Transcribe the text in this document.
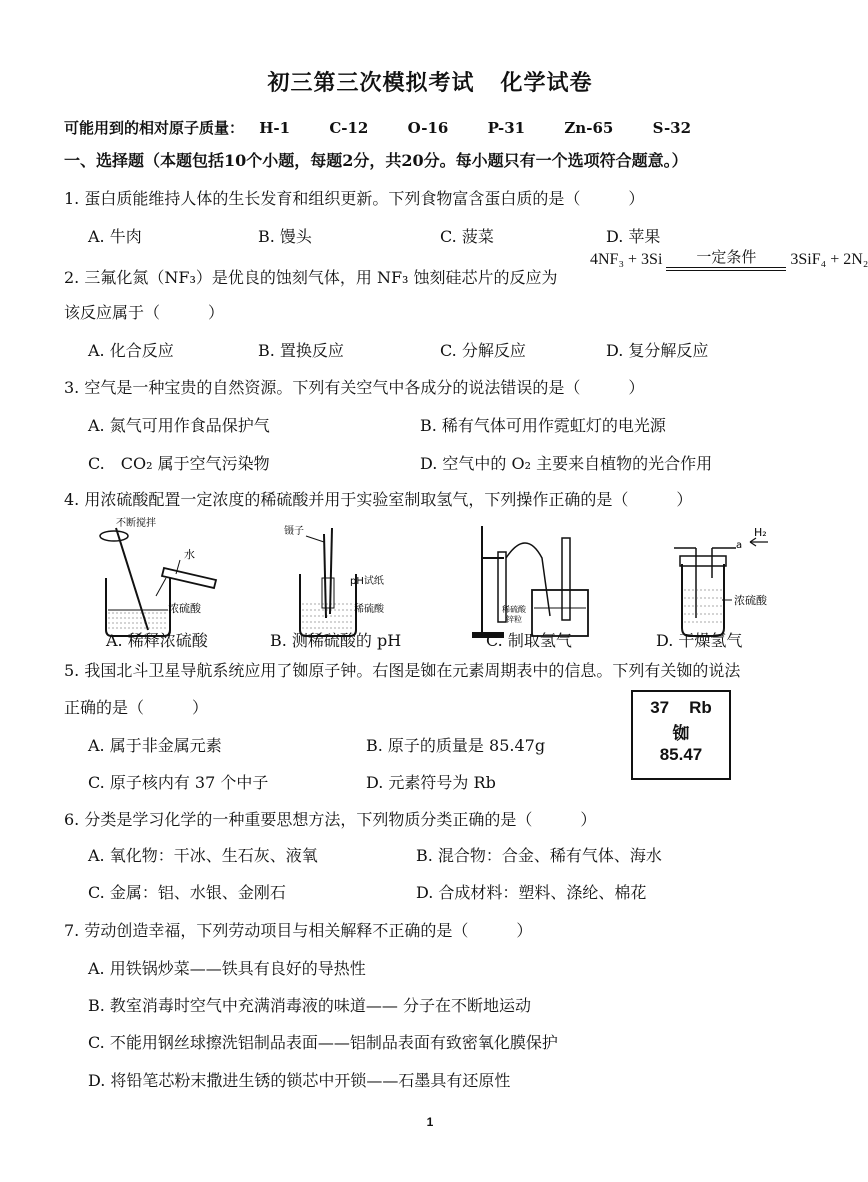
初三第三次模拟考试 化学试卷
可能用到的相对原子质量： H-1	C-12	O-16	P-31	Zn-65	S-32
一、选择题（本题包括10个小题，每题2分，共20分。每小题只有一个选项符合题意。）
1. 蛋白质能维持人体的生长发育和组织更新。下列食物富含蛋白质的是（　　　）
A. 牛肉	B. 馒头	C. 菠菜	D. 苹果
2. 三氟化氮（NF₃）是优良的蚀刻气体，用 NF₃ 蚀刻硅芯片的反应为
4NF₃ + 3Si	一定条件	3SiF₄ + 2N₂
该反应属于（　　　）
A. 化合反应	B. 置换反应	C. 分解反应	D. 复分解反应
3. 空气是一种宝贵的自然资源。下列有关空气中各成分的说法错误的是（　　　）
A. 氮气可用作食品保护气	B. 稀有气体可用作霓虹灯的电光源
C.　CO₂ 属于空气污染物	D. 空气中的 O₂ 主要来自植物的光合作用
4. 用浓硫酸配置一定浓度的稀硫酸并用于实验室制取氢气，下列操作正确的是（　　　）
不断搅拌
水
浓硫酸
镊子
pH试纸
稀硫酸	稀硫酸
锌粒
a
H₂
浓硫酸
A. 稀释浓硫酸	B. 测稀硫酸的 pH	C. 制取氢气	D. 干燥氢气
5. 我国北斗卫星导航系统应用了铷原子钟。右图是铷在元素周期表中的信息。下列有关铷的说法
正确的是（　　　）	37 Rb
铷
85.47
A. 属于非金属元素	B. 原子的质量是 85.47g
C. 原子核内有 37 个中子	D. 元素符号为 Rb
6. 分类是学习化学的一种重要思想方法，下列物质分类正确的是（　　　）
A. 氧化物：干冰、生石灰、液氧	B. 混合物：合金、稀有气体、海水
C. 金属：铝、水银、金刚石	D. 合成材料：塑料、涤纶、棉花
7. 劳动创造幸福，下列劳动项目与相关解释不正确的是（　　　）
A. 用铁锅炒菜——铁具有良好的导热性
B. 教室消毒时空气中充满消毒液的味道—— 分子在不断地运动
C. 不能用钢丝球擦洗铝制品表面——铝制品表面有致密氧化膜保护
D. 将铅笔芯粉末撒进生锈的锁芯中开锁——石墨具有还原性
1
